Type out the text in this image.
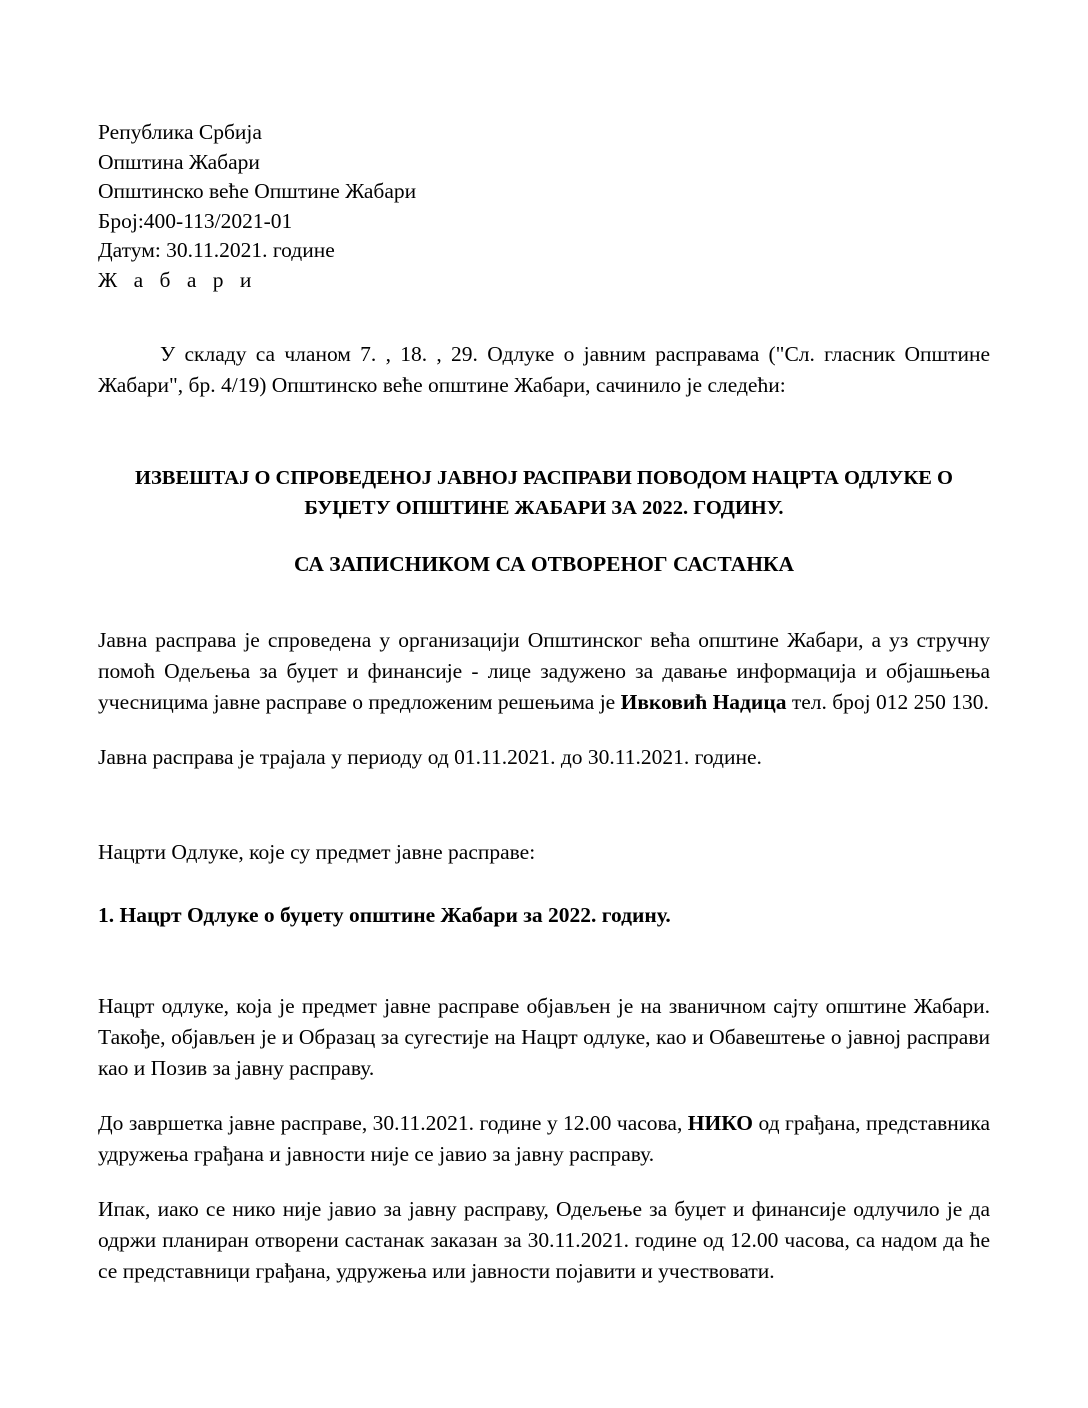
Република Србија
Општина Жабари
Општинско веће Општине Жабари
Број:400-113/2021-01
Датум: 30.11.2021. године
Ж а б а р и

У складу са чланом 7. , 18. , 29. Одлуке о јавним расправама ("Сл. гласник Општине Жабари", бр. 4/19) Општинско веће општине Жабари, сачинило је следећи:

ИЗВЕШТАЈ О СПРОВЕДЕНОЈ ЈАВНОЈ РАСПРАВИ ПОВОДОМ НАЦРТА ОДЛУКЕ О
БУЏЕТУ ОПШТИНЕ ЖАБАРИ ЗА 2022. ГОДИНУ.
СА ЗАПИСНИКОМ СА ОТВОРЕНОГ САСТАНКА

Јавна расправа је спроведена у организацији Општинског већа општине Жабари, а уз стручну помоћ Одељења за буџет и финансије - лице задужено за давање информација и објашњења учесницима јавне расправе о предложеним решењима је Ивковић Надица тел. број 012 250 130.

Јавна расправа је трајала у периоду од 01.11.2021. до 30.11.2021. године.

Нацрти Одлуке, које су предмет јавне расправе:

1. Нацрт Одлуке о буџету општине Жабари за 2022. годину.

Нацрт одлуке, која је предмет јавне расправе објављен је на званичном сајту општине Жабари. Такође, објављен је и Образац за сугестије на Нацрт одлуке, као и Обавештење о јавној расправи као и Позив за јавну расправу.

До завршетка јавне расправе, 30.11.2021. године у 12.00 часова, НИКО од грађана, представника удружења грађана и јавности није се јавио за јавну расправу.

Ипак, иако се нико није јавио за јавну расправу, Одељење за буџет и финансије одлучило је да одржи планиран отворени састанак заказан за 30.11.2021. године од 12.00 часова, са надом да ће се представници грађана, удружења или јавности појавити и учествовати.
